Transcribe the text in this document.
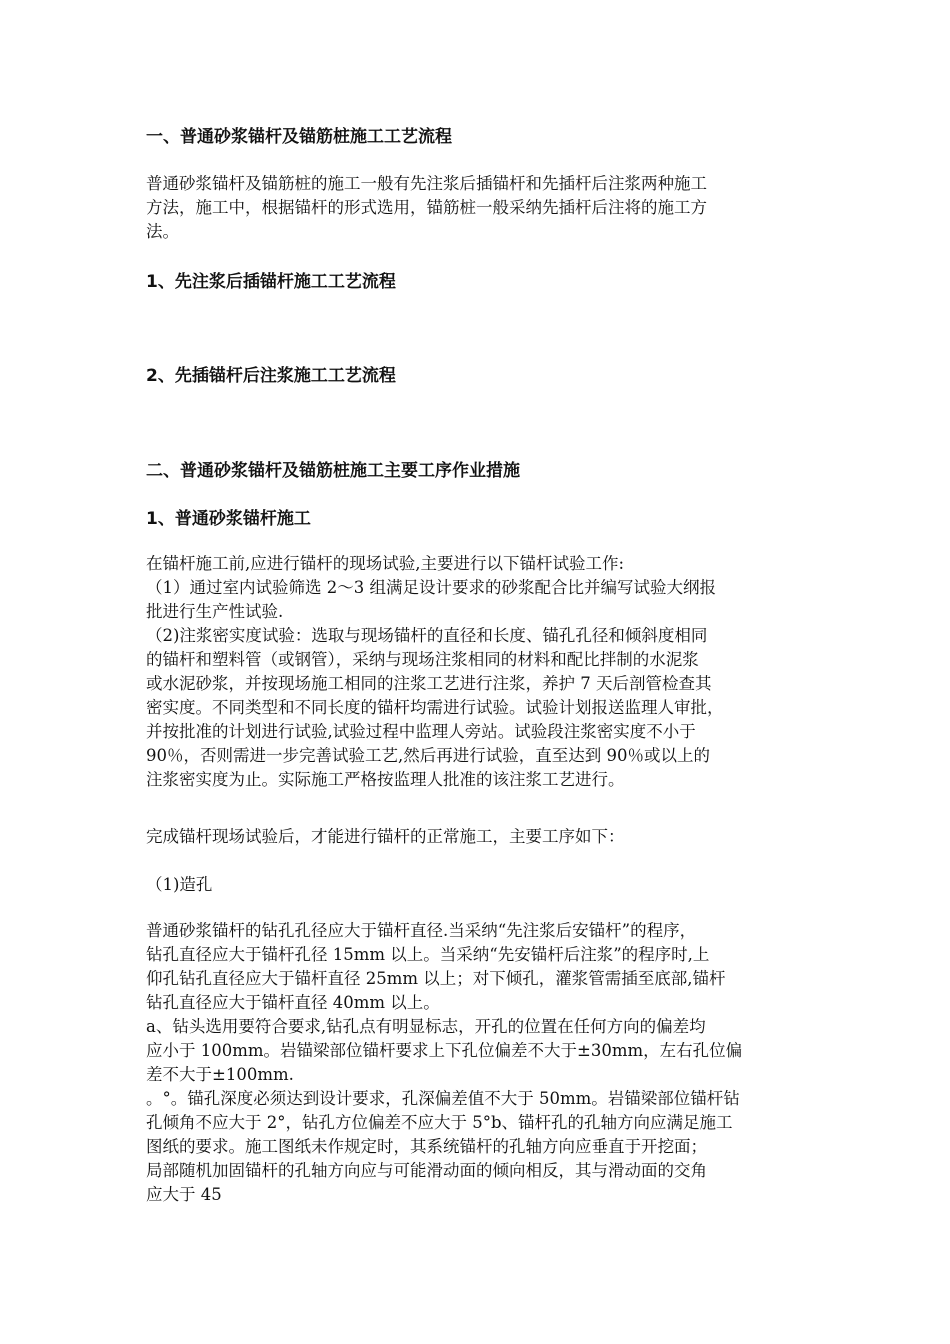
一、普通砂浆锚杆及锚筋桩施工工艺流程
普通砂浆锚杆及锚筋桩的施工一般有先注浆后插锚杆和先插杆后注浆两种施工
方法，施工中，根据锚杆的形式选用，锚筋桩一般采纳先插杆后注将的施工方
法。
1、先注浆后插锚杆施工工艺流程
2、先插锚杆后注浆施工工艺流程
二、普通砂浆锚杆及锚筋桩施工主要工序作业措施
1、普通砂浆锚杆施工
在锚杆施工前,应进行锚杆的现场试验,主要进行以下锚杆试验工作:
（1）通过室内试验筛选 2～3 组满足设计要求的砂浆配合比并编写试验大纲报
批进行生产性试验.
（2)注浆密实度试验：选取与现场锚杆的直径和长度、锚孔孔径和倾斜度相同
的锚杆和塑料管（或钢管），采纳与现场注浆相同的材料和配比拌制的水泥浆
或水泥砂浆，并按现场施工相同的注浆工艺进行注浆，养护 7 天后剖管检查其
密实度。不同类型和不同长度的锚杆均需进行试验。试验计划报送监理人审批，
并按批准的计划进行试验,试验过程中监理人旁站。试验段注浆密实度不小于
90％，否则需进一步完善试验工艺,然后再进行试验，直至达到 90％或以上的
注浆密实度为止。实际施工严格按监理人批准的该注浆工艺进行。
完成锚杆现场试验后，才能进行锚杆的正常施工，主要工序如下：
（1)造孔
普通砂浆锚杆的钻孔孔径应大于锚杆直径.当采纳“先注浆后安锚杆”的程序，
钻孔直径应大于锚杆孔径 15mm 以上。当采纳“先安锚杆后注浆”的程序时,上
仰孔钻孔直径应大于锚杆直径 25mm 以上；对下倾孔，灌浆管需插至底部,锚杆
钻孔直径应大于锚杆直径 40mm 以上。
a、钻头选用要符合要求,钻孔点有明显标志，开孔的位置在任何方向的偏差均
应小于 100mm。岩锚梁部位锚杆要求上下孔位偏差不大于±30mm，左右孔位偏
差不大于±100mm.
。°。锚孔深度必须达到设计要求，孔深偏差值不大于 50mm。岩锚梁部位锚杆钻
孔倾角不应大于 2°，钻孔方位偏差不应大于 5°b、锚杆孔的孔轴方向应满足施工
图纸的要求。施工图纸未作规定时，其系统锚杆的孔轴方向应垂直于开挖面；
局部随机加固锚杆的孔轴方向应与可能滑动面的倾向相反，其与滑动面的交角
应大于 45
